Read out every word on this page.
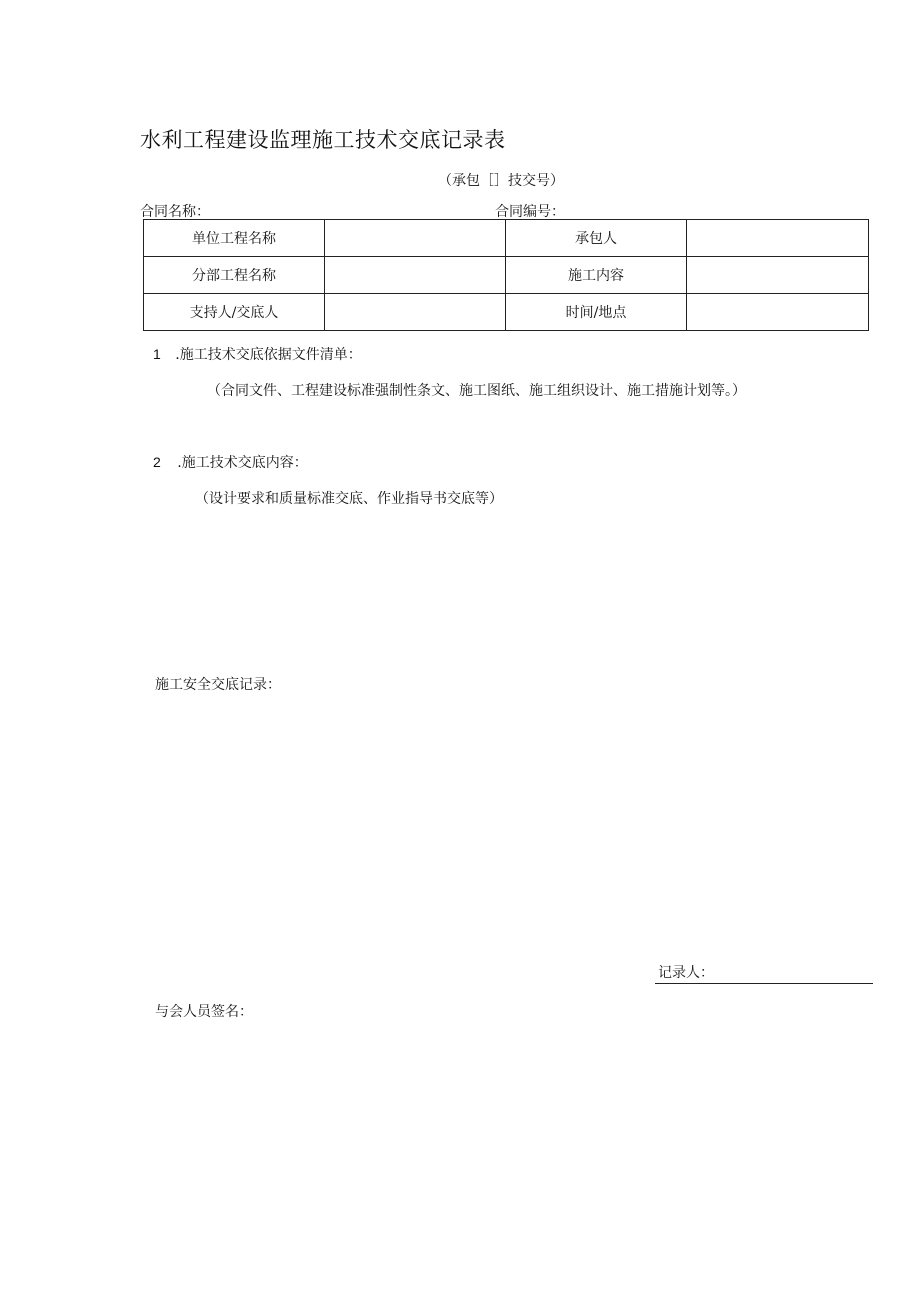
水利工程建设监理施工技术交底记录表
（承包［］技交号）
合同名称：	合同编号：
单位工程名称		承包人	
分部工程名称		施工内容	
支持人/交底人		时间/地点	
1 .施工技术交底依据文件清单：
（合同文件、工程建设标准强制性条文、施工图纸、施工组织设计、施工措施计划等。）
2 .施工技术交底内容：
（设计要求和质量标准交底、作业指导书交底等）
施工安全交底记录：
记录人：
与会人员签名：
